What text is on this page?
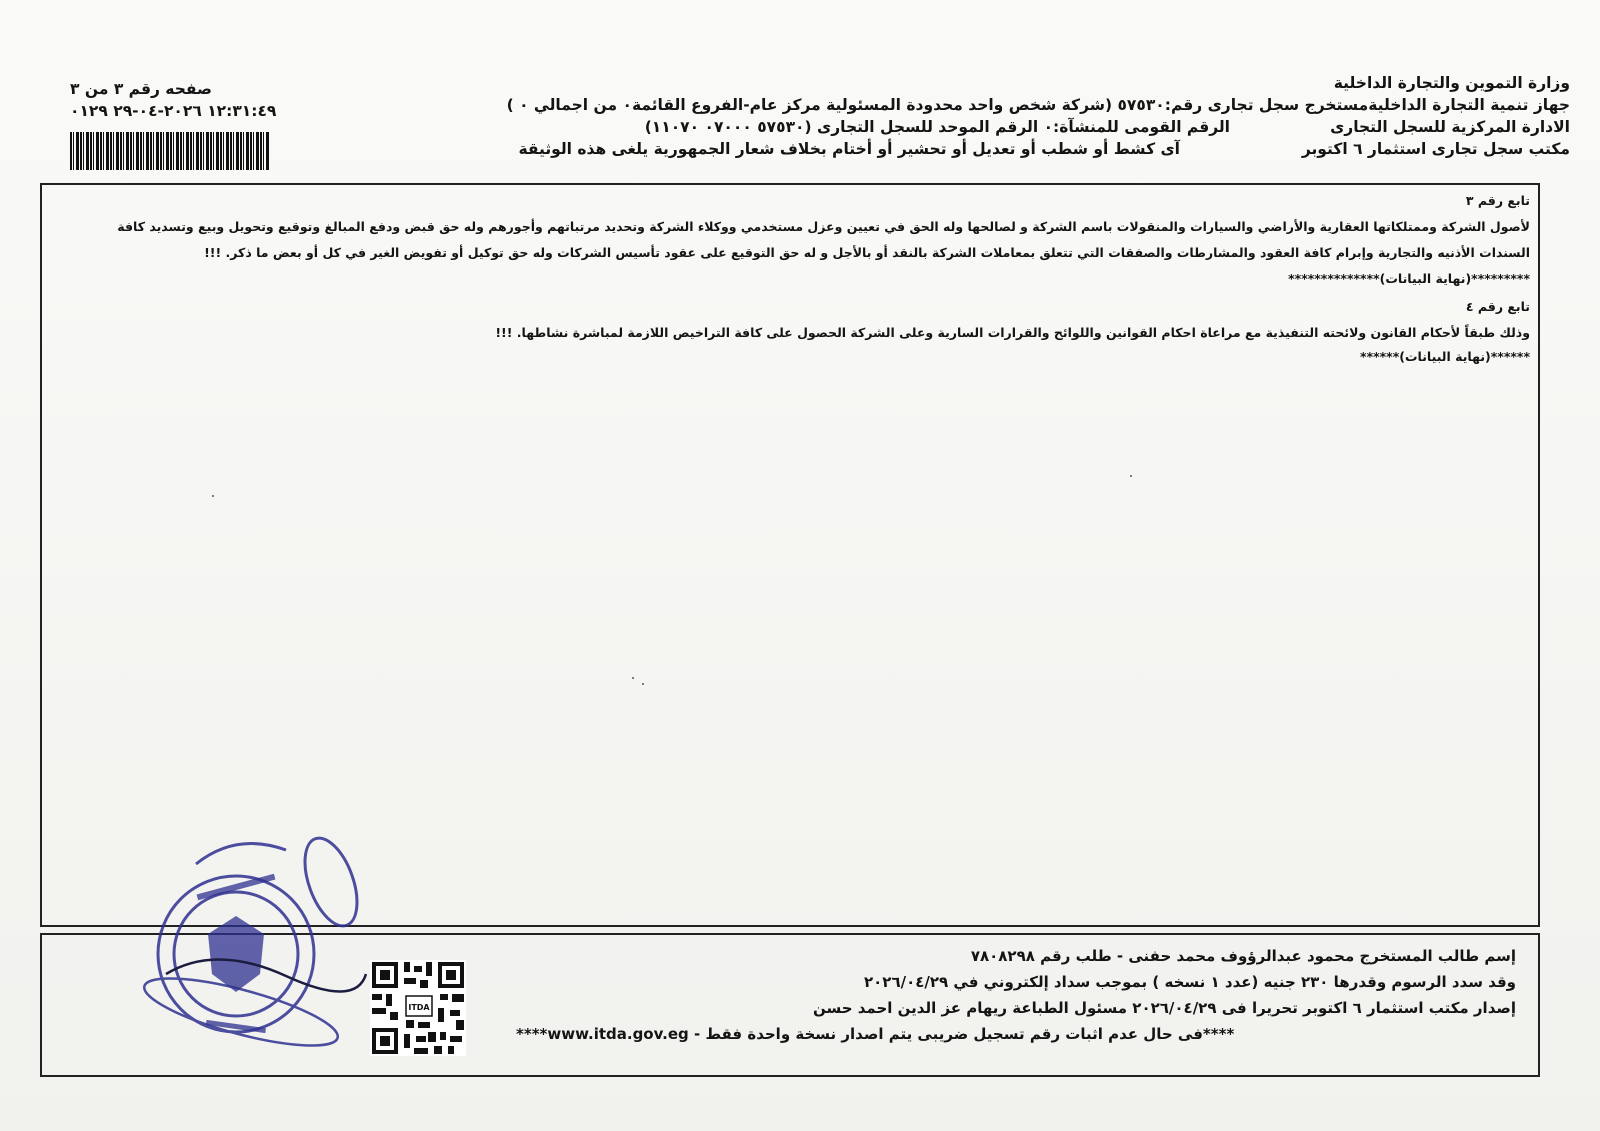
وزارة التموين والتجارة الداخلية
جهاز تنمية التجارة الداخليةمستخرج سجل تجارى رقم:٥٧٥٣٠ (شركة شخص واحد محدودة المسئولية مركز عام-الفروع القائمة٠ من اجمالي ٠ )
الادارة المركزية للسجل التجارى
الرقم القومى للمنشآة:٠ الرقم الموحد للسجل التجارى (٥٧٥٣٠ ٠٧٠٠٠ ١١٠٧٠)
مكتب سجل تجارى استثمار ٦ اكتوبر
آى كشط أو شطب أو تعديل أو تحشير أو أختام بخلاف شعار الجمهورية يلغى هذه الوثيقة
صفحه رقم ٣ من ٣
١٢:٣١:٤٩ ٢٠٢٦-٠٤-٢٩ ٠١٢٩

تابع رقم ٣

لأصول الشركة وممتلكاتها العقارية والأراضي والسيارات والمنقولات باسم الشركة و لصالحها وله الحق في تعيين وعزل مستخدمي ووكلاء الشركة وتحديد مرتباتهم وأجورهم وله حق قبض ودفع المبالغ وتوقيع وتحويل وبيع وتسديد كافة

السندات الأذنيه والتجارية وإبرام كافة العقود والمشارطات والصفقات التي تتعلق بمعاملات الشركة بالنقد أو بالأجل و له حق التوقيع على عقود تأسيس الشركات وله حق توكيل أو تفويض الغير في كل أو بعض ما ذكر. !!!

*********(نهاية البيانات)**************

تابع رقم ٤

وذلك طبقاً لأحكام القانون ولائحته التنفيذية مع مراعاة احكام القوانين واللوائح والقرارات السارية وعلى الشركة الحصول على كافة التراخيص اللازمة لمباشرة نشاطها. !!!

******(نهاية البيانات)******

إسم طالب المستخرج محمود عبدالرؤوف محمد حفنى - طلب رقم ٧٨٠٨٢٩٨

وقد سدد الرسوم وقدرها ٢٣٠ جنيه (عدد ١ نسخه ) بموجب سداد إلكتروني في ٢٠٢٦/٠٤/٢٩

إصدار مكتب استثمار ٦ اكتوبر تحريرا فى ٢٠٢٦/٠٤/٢٩ مسئول الطباعة ريهام عز الدين احمد حسن

****فى حال عدم اثبات رقم تسجيل ضريبى يتم اصدار نسخة واحدة فقط - www.itda.gov.eg****

ITDA
